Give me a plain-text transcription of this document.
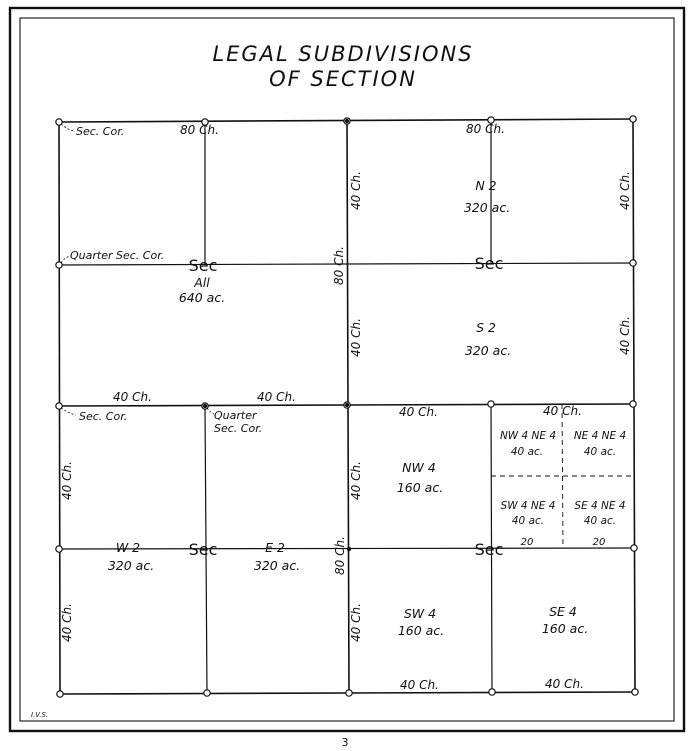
LEGAL SUBDIVISIONS
OF SECTION
Sec. Cor.	80 Ch.
Quarter Sec. Cor.
Sec
All
640 ac.
80 Ch.
80 Ch.
N 2
320 ac.
Sec
S 2
320 ac.
40 Ch.
40 Ch.
40 Ch.
40 Ch.
40 Ch.	40 Ch.
Sec. Cor.	Quarter
Sec. Cor.
40 Ch.
40 Ch.
W 2
320 ac.
Sec	E 2
320 ac.	80 Ch.
40 Ch.	40 Ch.
40 Ch.
40 Ch.
NW 4
160 ac.
NW 4 NE 4
40 ac.
NE 4 NE 4
40 ac.
SW 4 NE 4
40 ac.
SE 4 NE 4
40 ac.
20	20
Sec
SW 4
160 ac.
SE 4
160 ac.
40 Ch.	40 Ch.
I.V.S.
3
